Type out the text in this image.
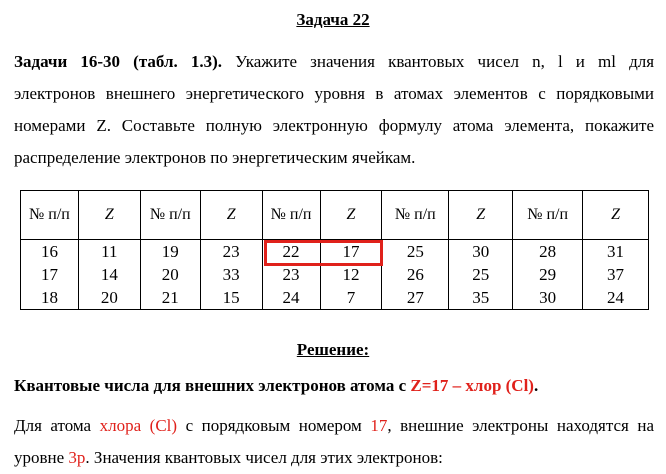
Задача 22
Задачи 16-30 (табл. 1.3). Укажите значения квантовых чисел n, l и ml для
электронов внешнего энергетического уровня в атомах элементов с порядковыми
номерами Z. Составьте полную электронную формулу атома элемента, покажите
распределение электронов по энергетическим ячейкам.
№ п/п	Z	№ п/п	Z	№ п/п	Z	№ п/п	Z	№ п/п	Z
16	11	19	23	22	17	25	30	28	31
17	14	20	33	23	12	26	25	29	37
18	20	21	15	24	7	27	35	30	24
Решение:
Квантовые числа для внешних электронов атома с Z=17 – хлор (Cl).
Для атома хлора (Cl) с порядковым номером 17, внешние электроны находятся на
уровне 3p. Значения квантовых чисел для этих электронов:
